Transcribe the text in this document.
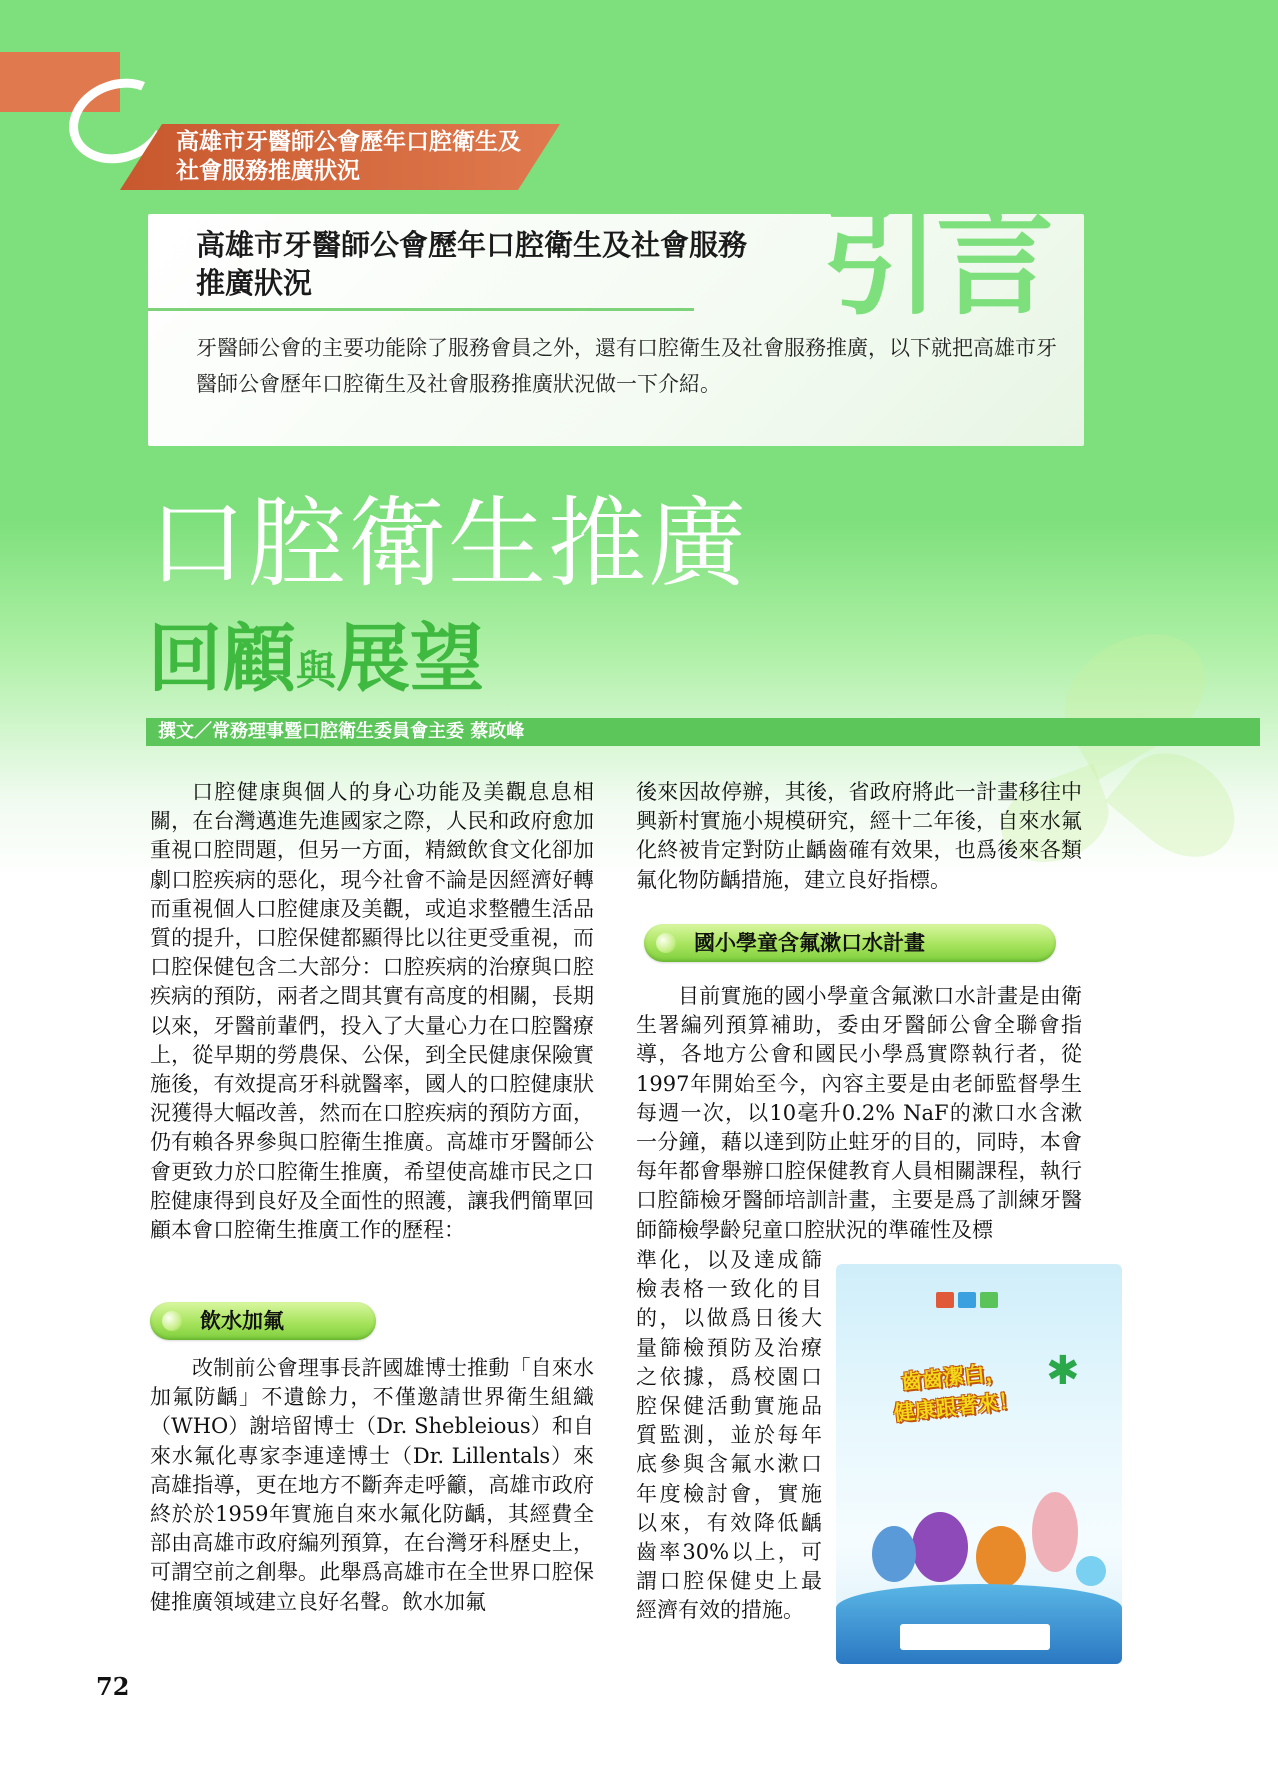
高雄市牙醫師公會歷年口腔衛生及社會服務推廣狀況
高雄市牙醫師公會歷年口腔衛生及社會服務推廣狀況	引言
牙醫師公會的主要功能除了服務會員之外，還有口腔衛生及社會服務推廣，以下就把高雄市牙醫師公會歷年口腔衛生及社會服務推廣狀況做一下介紹。
口腔衛生推廣
回顧與展望
撰文／常務理事暨口腔衛生委員會主委 蔡政峰

口腔健康與個人的身心功能及美觀息息相關，在台灣邁進先進國家之際，人民和政府愈加重視口腔問題，但另一方面，精緻飲食文化卻加劇口腔疾病的惡化，現今社會不論是因經濟好轉而重視個人口腔健康及美觀，或追求整體生活品質的提升，口腔保健都顯得比以往更受重視，而口腔保健包含二大部分：口腔疾病的治療與口腔疾病的預防，兩者之間其實有高度的相關，長期以來，牙醫前輩們，投入了大量心力在口腔醫療上，從早期的勞農保、公保，到全民健康保險實施後，有效提高牙科就醫率，國人的口腔健康狀況獲得大幅改善，然而在口腔疾病的預防方面，仍有賴各界參與口腔衛生推廣。高雄市牙醫師公會更致力於口腔衛生推廣，希望使高雄市民之口腔健康得到良好及全面性的照護，讓我們簡單回顧本會口腔衛生推廣工作的歷程：

飲水加氟

改制前公會理事長許國雄博士推動「自來水加氟防齲」不遺餘力，不僅邀請世界衛生組織（WHO）謝培留博士（Dr. Shebleious）和自來水氟化專家李連達博士（Dr. Lillentals）來高雄指導，更在地方不斷奔走呼籲，高雄市政府終於於1959年實施自來水氟化防齲，其經費全部由高雄市政府編列預算，在台灣牙科歷史上，可謂空前之創舉。此舉爲高雄市在全世界口腔保健推廣領域建立良好名聲。飲水加氟

後來因故停辦，其後，省政府將此一計畫移往中興新村實施小規模研究，經十二年後，自來水氟化終被肯定對防止齲齒確有效果，也爲後來各類氟化物防齲措施，建立良好指標。

國小學童含氟漱口水計畫

目前實施的國小學童含氟漱口水計畫是由衛生署編列預算補助，委由牙醫師公會全聯會指導，各地方公會和國民小學爲實際執行者，從1997年開始至今，內容主要是由老師監督學生每週一次，以10毫升0.2% NaF的漱口水含漱一分鐘，藉以達到防止蛀牙的目的，同時，本會每年都會舉辦口腔保健教育人員相關課程，執行口腔篩檢牙醫師培訓計畫，主要是爲了訓練牙醫師篩檢學齡兒童口腔狀況的準確性及標

準化，以及達成篩檢表格一致化的目的，以做爲日後大量篩檢預防及治療之依據，爲校園口腔保健活動實施品質監測，並於每年底參與含氟水漱口年度檢討會，實施以來，有效降低齲齒率30%以上，可謂口腔保健史上最經濟有效的措施。

齒齒潔白，
健康跟著來！
✱
72
